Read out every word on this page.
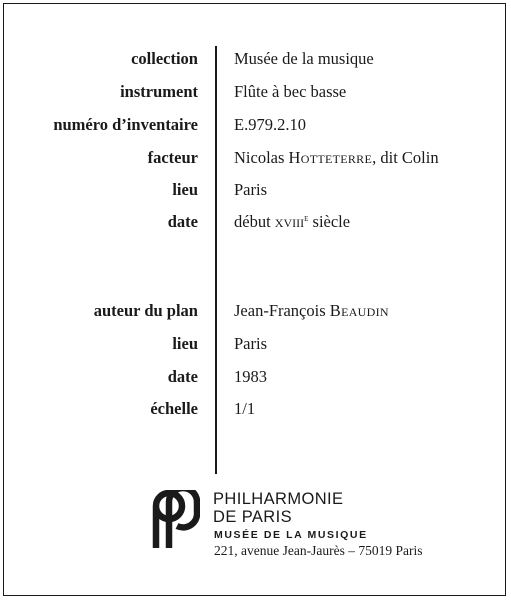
collection Musée de la musique
instrument Flûte à bec basse
numéro d’inventaire E.979.2.10
facteur Nicolas Hotteterre, dit Colin
lieu Paris
date début xviii$^e$ siècle
auteur du plan Jean-François Beaudin
lieu Paris
date 1983
échelle 1/1
PHILHARMONIE
DE PARIS
MUSÉE DE LA MUSIQUE
221, avenue Jean-Jaurès – 75019 Paris
